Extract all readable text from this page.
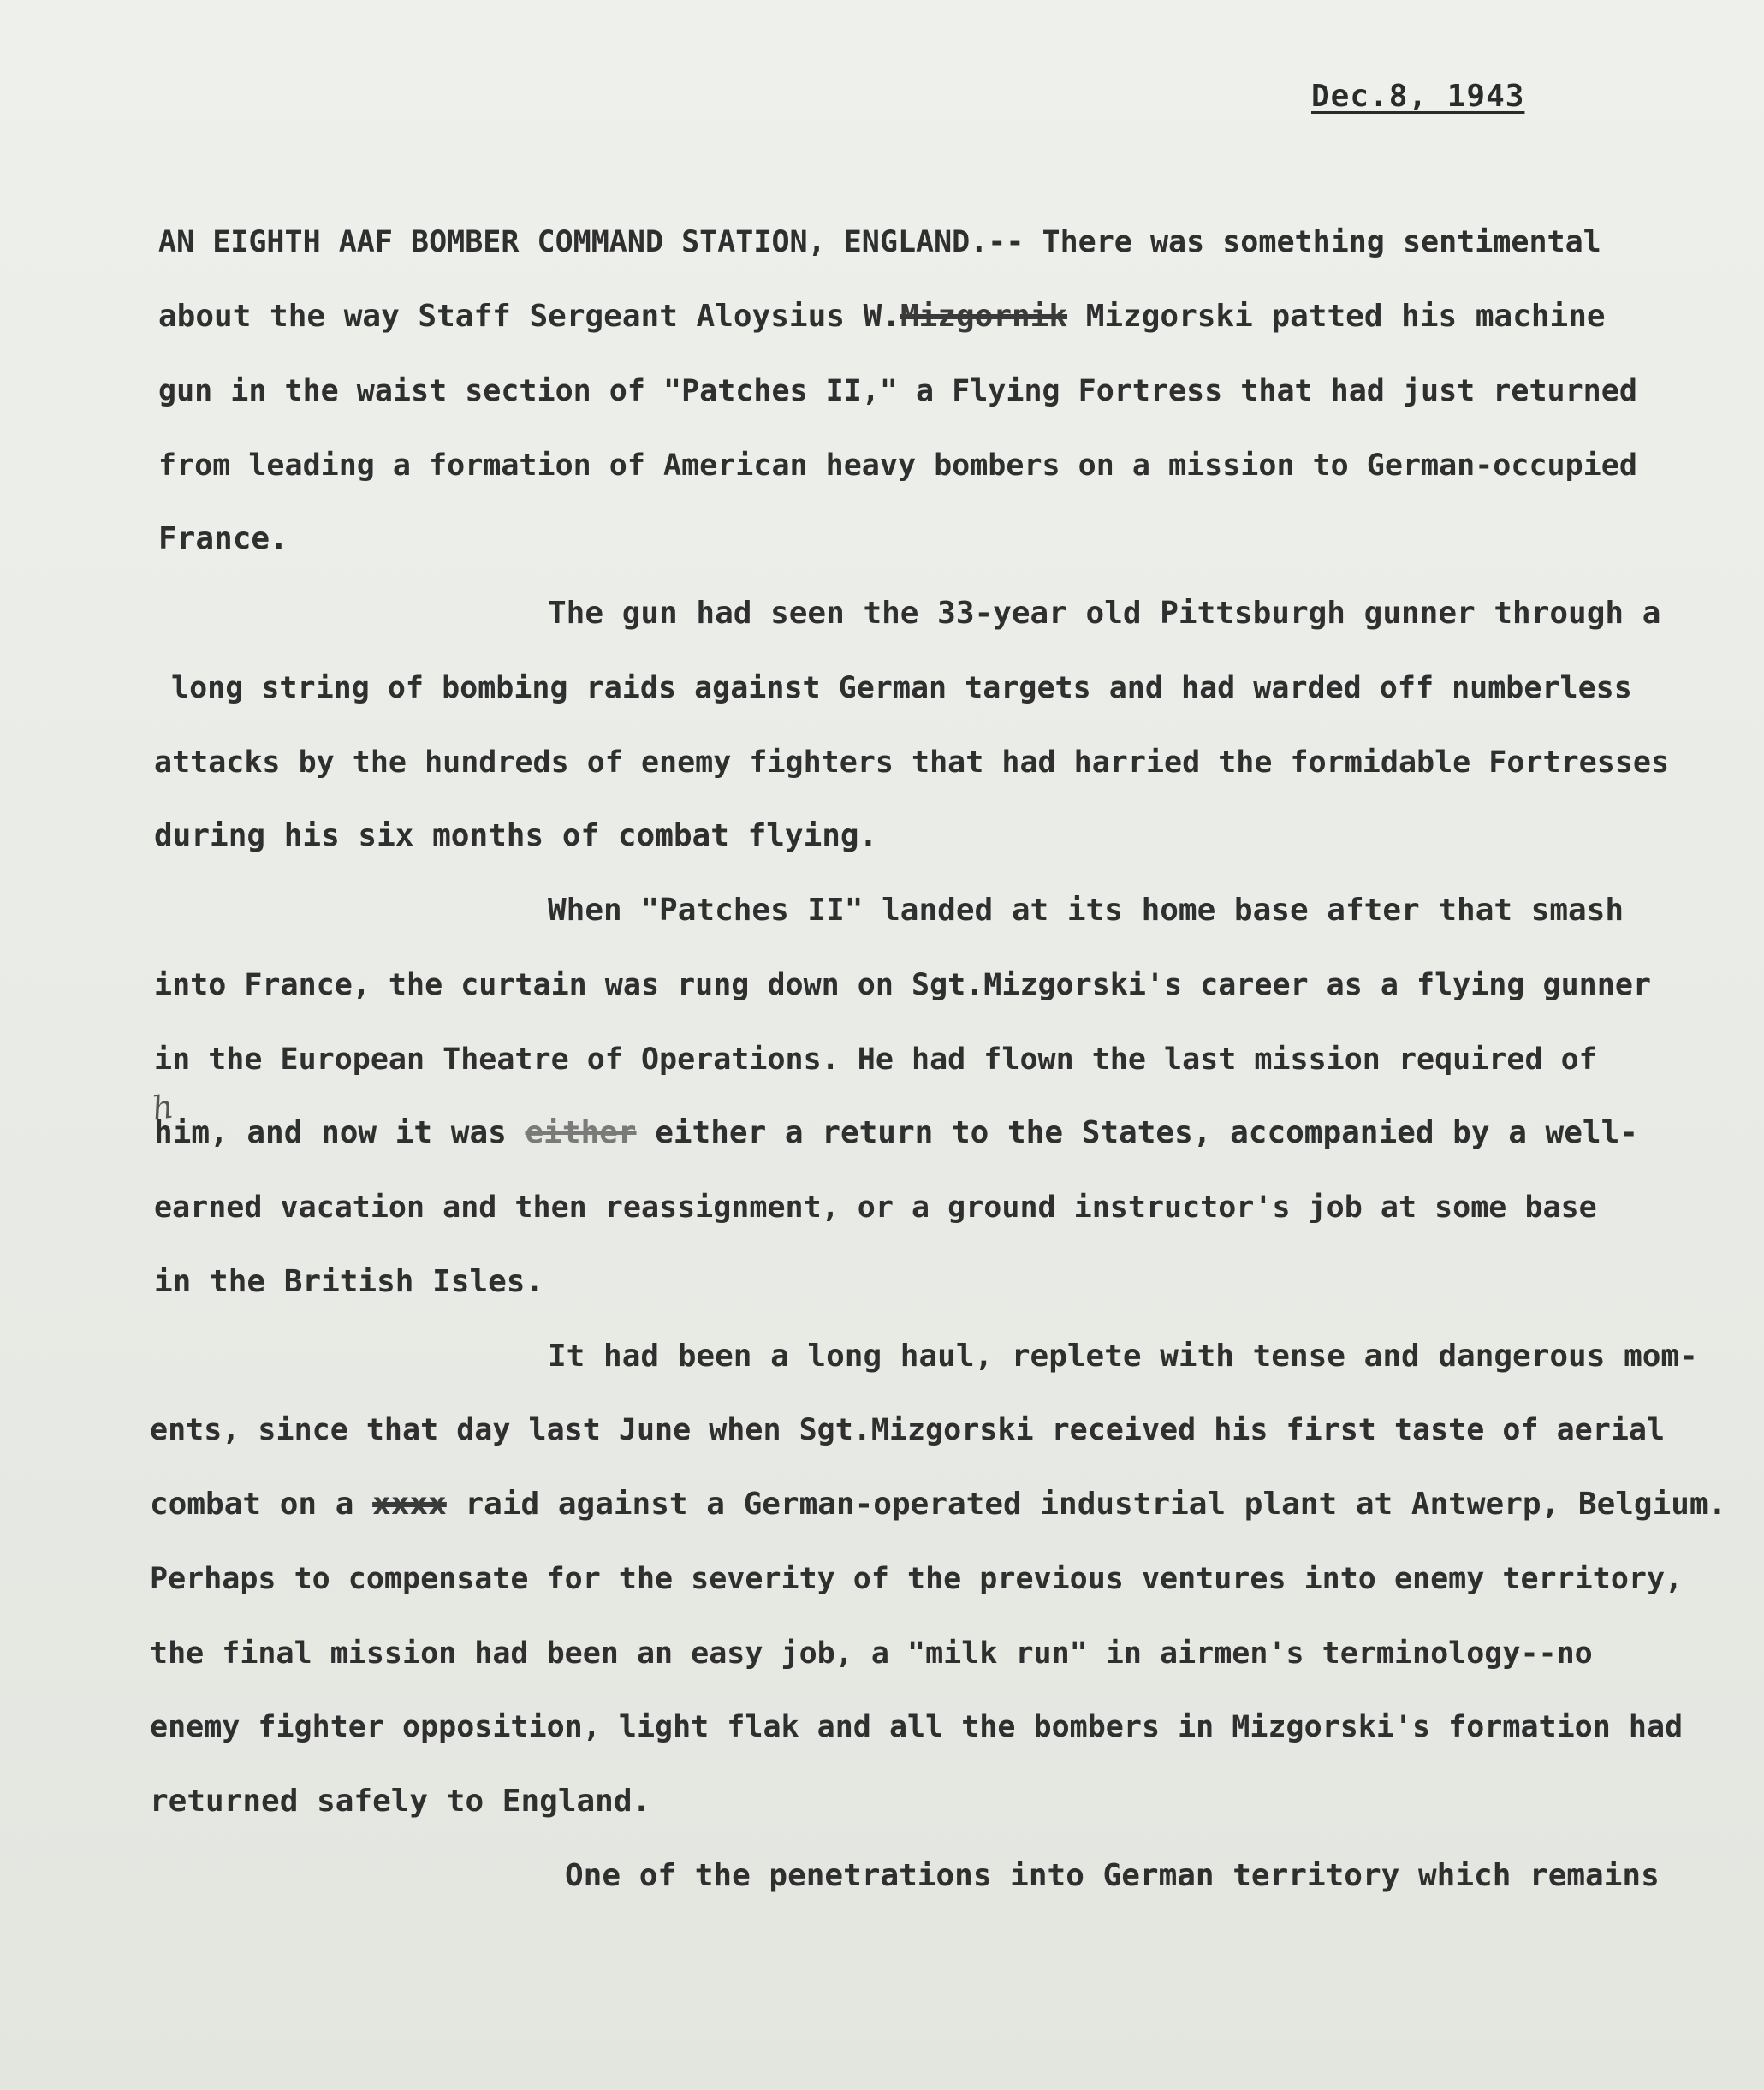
Dec.8, 1943
AN EIGHTH AAF BOMBER COMMAND STATION, ENGLAND.-- There was something sentimental
about the way Staff Sergeant Aloysius W.Mizgornik Mizgorski patted his machine
gun in the waist section of "Patches II," a Flying Fortress that had just returned
from leading a formation of American heavy bombers on a mission to German-occupied
France.
The gun had seen the 33-year old Pittsburgh gunner through a
long string of bombing raids against German targets and had warded off numberless
attacks by the hundreds of enemy fighters that had harried the formidable Fortresses
during his six months of combat flying.
When "Patches II" landed at its home base after that smash
into France, the curtain was rung down on Sgt.Mizgorski's career as a flying gunner
in the European Theatre of Operations. He had flown the last mission required of
h
him, and now it was either either a return to the States, accompanied by a well-
earned vacation and then reassignment, or a ground instructor's job at some base
in the British Isles.
It had been a long haul, replete with tense and dangerous mom-
ents, since that day last June when Sgt.Mizgorski received his first taste of aerial
combat on a xxxx raid against a German-operated industrial plant at Antwerp, Belgium.
Perhaps to compensate for the severity of the previous ventures into enemy territory,
the final mission had been an easy job, a "milk run" in airmen's terminology--no
enemy fighter opposition, light flak and all the bombers in Mizgorski's formation had
returned safely to England.
One of the penetrations into German territory which remains
